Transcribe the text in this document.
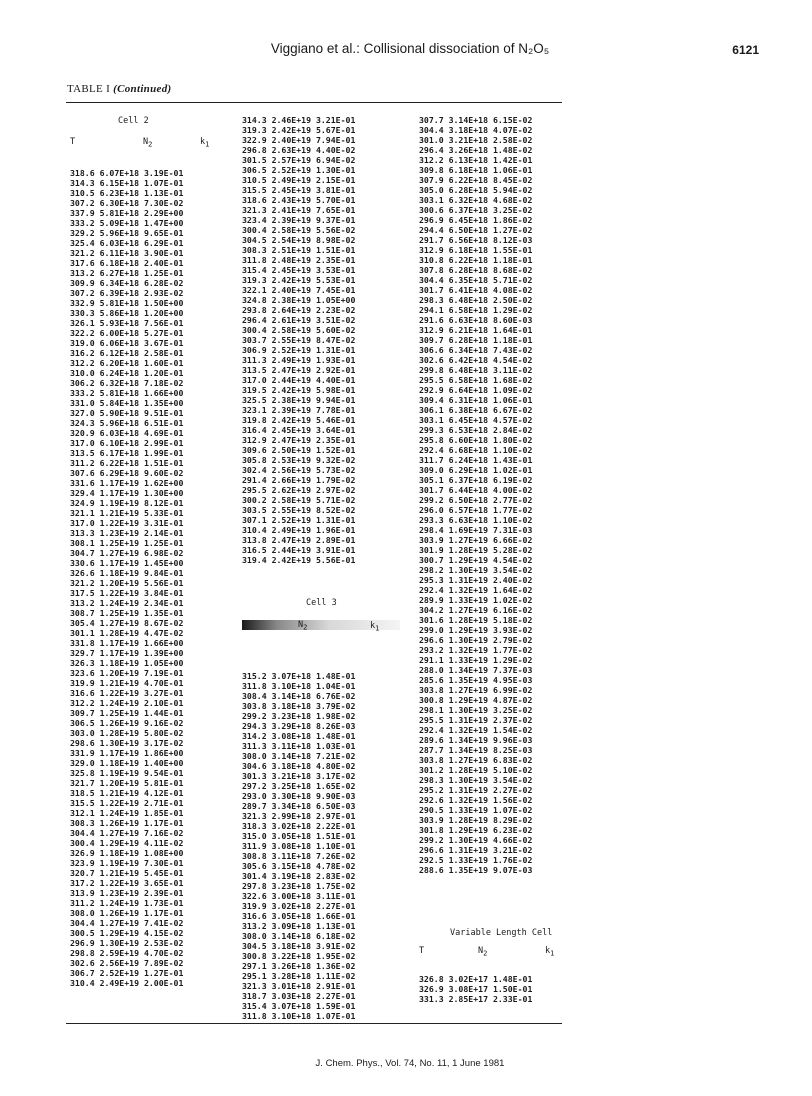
Viggiano et al.: Collisional dissociation of N₂O₅	6121
TABLE I (Continued)
Cell 2
T	$N_2$	$k_1$
318.6 6.07E+18 3.19E-01
314.3 6.15E+18 1.07E-01
310.5 6.23E+18 1.13E-01
307.2 6.30E+18 7.30E-02
337.9 5.81E+18 2.29E+00
333.2 5.09E+18 1.47E+00
329.2 5.96E+18 9.65E-01
325.4 6.03E+18 6.29E-01
321.2 6.11E+18 3.90E-01
317.6 6.18E+18 2.40E-01
313.2 6.27E+18 1.25E-01
309.9 6.34E+18 6.28E-02
307.2 6.39E+18 2.93E-02
332.9 5.81E+18 1.50E+00
330.3 5.86E+18 1.20E+00
326.1 5.93E+18 7.56E-01
322.2 6.00E+18 5.27E-01
319.0 6.06E+18 3.67E-01
316.2 6.12E+18 2.58E-01
312.2 6.20E+18 1.60E-01
310.0 6.24E+18 1.20E-01
306.2 6.32E+18 7.18E-02
333.2 5.81E+18 1.66E+00
331.0 5.84E+18 1.35E+00
327.0 5.90E+18 9.51E-01
324.3 5.96E+18 6.51E-01
320.9 6.03E+18 4.69E-01
317.0 6.10E+18 2.99E-01
313.5 6.17E+18 1.99E-01
311.2 6.22E+18 1.51E-01
307.6 6.29E+18 9.60E-02
331.6 1.17E+19 1.62E+00
329.4 1.17E+19 1.30E+00
324.9 1.19E+19 8.12E-01
321.1 1.21E+19 5.33E-01
317.0 1.22E+19 3.31E-01
313.3 1.23E+19 2.14E-01
308.1 1.25E+19 1.25E-01
304.7 1.27E+19 6.98E-02
330.6 1.17E+19 1.45E+00
326.6 1.18E+19 9.84E-01
321.2 1.20E+19 5.56E-01
317.5 1.22E+19 3.84E-01
313.2 1.24E+19 2.34E-01
308.7 1.25E+19 1.35E-01
305.4 1.27E+19 8.67E-02
301.1 1.28E+19 4.47E-02
331.8 1.17E+19 1.66E+00
329.7 1.17E+19 1.39E+00
326.3 1.18E+19 1.05E+00
323.6 1.20E+19 7.19E-01
319.9 1.21E+19 4.70E-01
316.6 1.22E+19 3.27E-01
312.2 1.24E+19 2.10E-01
309.7 1.25E+19 1.44E-01
306.5 1.26E+19 9.16E-02
303.0 1.28E+19 5.80E-02
298.6 1.30E+19 3.17E-02
331.9 1.17E+19 1.86E+00
329.0 1.18E+19 1.40E+00
325.8 1.19E+19 9.54E-01
321.7 1.20E+19 5.81E-01
318.5 1.21E+19 4.12E-01
315.5 1.22E+19 2.71E-01
312.1 1.24E+19 1.85E-01
308.3 1.26E+19 1.17E-01
304.4 1.27E+19 7.16E-02
300.4 1.29E+19 4.11E-02
326.9 1.18E+19 1.08E+00
323.9 1.19E+19 7.30E-01
320.7 1.21E+19 5.45E-01
317.2 1.22E+19 3.65E-01
313.9 1.23E+19 2.39E-01
311.2 1.24E+19 1.73E-01
308.0 1.26E+19 1.17E-01
304.4 1.27E+19 7.41E-02
300.5 1.29E+19 4.15E-02
296.9 1.30E+19 2.53E-02
298.8 2.59E+19 4.70E-02
302.6 2.56E+19 7.89E-02
306.7 2.52E+19 1.27E-01
310.4 2.49E+19 2.00E-01
314.3 2.46E+19 3.21E-01
319.3 2.42E+19 5.67E-01
322.9 2.40E+19 7.94E-01
296.8 2.63E+19 4.40E-02
301.5 2.57E+19 6.94E-02
306.5 2.52E+19 1.30E-01
310.5 2.49E+19 2.15E-01
315.5 2.45E+19 3.81E-01
318.6 2.43E+19 5.70E-01
321.3 2.41E+19 7.65E-01
323.4 2.39E+19 9.37E-01
300.4 2.58E+19 5.56E-02
304.5 2.54E+19 8.98E-02
308.3 2.51E+19 1.51E-01
311.8 2.48E+19 2.35E-01
315.4 2.45E+19 3.53E-01
319.3 2.42E+19 5.53E-01
322.1 2.40E+19 7.45E-01
324.8 2.38E+19 1.05E+00
293.8 2.64E+19 2.23E-02
296.4 2.61E+19 3.51E-02
300.4 2.58E+19 5.60E-02
303.7 2.55E+19 8.47E-02
306.9 2.52E+19 1.31E-01
311.3 2.49E+19 1.93E-01
313.5 2.47E+19 2.92E-01
317.0 2.44E+19 4.40E-01
319.5 2.42E+19 5.98E-01
325.5 2.38E+19 9.94E-01
323.1 2.39E+19 7.78E-01
319.8 2.42E+19 5.46E-01
316.4 2.45E+19 3.64E-01
312.9 2.47E+19 2.35E-01
309.6 2.50E+19 1.52E-01
305.8 2.53E+19 9.32E-02
302.4 2.56E+19 5.73E-02
291.4 2.66E+19 1.79E-02
295.5 2.62E+19 2.97E-02
300.2 2.58E+19 5.71E-02
303.5 2.55E+19 8.52E-02
307.1 2.52E+19 1.31E-01
310.4 2.49E+19 1.96E-01
313.8 2.47E+19 2.89E-01
316.5 2.44E+19 3.91E-01
319.4 2.42E+19 5.56E-01
Cell 3
$N_2$	$k_1$
315.2 3.07E+18 1.48E-01
311.8 3.10E+18 1.04E-01
308.4 3.14E+18 6.76E-02
303.8 3.18E+18 3.79E-02
299.2 3.23E+18 1.98E-02
294.3 3.29E+18 8.26E-03
314.2 3.08E+18 1.48E-01
311.3 3.11E+18 1.03E-01
308.0 3.14E+18 7.21E-02
304.6 3.18E+18 4.80E-02
301.3 3.21E+18 3.17E-02
297.2 3.25E+18 1.65E-02
293.0 3.30E+18 9.90E-03
289.7 3.34E+18 6.50E-03
321.3 2.99E+18 2.97E-01
318.3 3.02E+18 2.22E-01
315.0 3.05E+18 1.51E-01
311.9 3.08E+18 1.10E-01
308.8 3.11E+18 7.26E-02
305.6 3.15E+18 4.78E-02
301.4 3.19E+18 2.83E-02
297.8 3.23E+18 1.75E-02
322.6 3.00E+18 3.11E-01
319.9 3.02E+18 2.27E-01
316.6 3.05E+18 1.66E-01
313.2 3.09E+18 1.13E-01
308.0 3.14E+18 6.18E-02
304.5 3.18E+18 3.91E-02
300.8 3.22E+18 1.95E-02
297.1 3.26E+18 1.36E-02
295.1 3.28E+18 1.11E-02
321.3 3.01E+18 2.91E-01
318.7 3.03E+18 2.27E-01
315.4 3.07E+18 1.59E-01
311.8 3.10E+18 1.07E-01
307.7 3.14E+18 6.15E-02
304.4 3.18E+18 4.07E-02
301.0 3.21E+18 2.58E-02
296.4 3.26E+18 1.48E-02
312.2 6.13E+18 1.42E-01
309.8 6.18E+18 1.06E-01
307.9 6.22E+18 8.45E-02
305.0 6.28E+18 5.94E-02
303.1 6.32E+18 4.68E-02
300.6 6.37E+18 3.25E-02
296.9 6.45E+18 1.86E-02
294.4 6.50E+18 1.27E-02
291.7 6.56E+18 8.12E-03
312.9 6.18E+18 1.55E-01
310.8 6.22E+18 1.18E-01
307.8 6.28E+18 8.68E-02
304.4 6.35E+18 5.71E-02
301.7 6.41E+18 4.08E-02
298.3 6.48E+18 2.50E-02
294.1 6.58E+18 1.29E-02
291.6 6.63E+18 8.60E-03
312.9 6.21E+18 1.64E-01
309.7 6.28E+18 1.18E-01
306.6 6.34E+18 7.43E-02
302.6 6.42E+18 4.54E-02
299.8 6.48E+18 3.11E-02
295.5 6.58E+18 1.68E-02
292.9 6.64E+18 1.09E-02
309.4 6.31E+18 1.06E-01
306.1 6.38E+18 6.67E-02
303.1 6.45E+18 4.57E-02
299.3 6.53E+18 2.84E-02
295.8 6.60E+18 1.80E-02
292.4 6.68E+18 1.10E-02
311.7 6.24E+18 1.43E-01
309.0 6.29E+18 1.02E-01
305.1 6.37E+18 6.19E-02
301.7 6.44E+18 4.00E-02
299.2 6.50E+18 2.77E-02
296.0 6.57E+18 1.77E-02
293.3 6.63E+18 1.10E-02
298.4 1.69E+19 7.31E-03
303.9 1.27E+19 6.66E-02
301.9 1.28E+19 5.28E-02
300.7 1.29E+19 4.54E-02
298.2 1.30E+19 3.54E-02
295.3 1.31E+19 2.40E-02
292.4 1.32E+19 1.64E-02
289.9 1.33E+19 1.02E-02
304.2 1.27E+19 6.16E-02
301.6 1.28E+19 5.18E-02
299.0 1.29E+19 3.93E-02
296.6 1.30E+19 2.79E-02
293.2 1.32E+19 1.77E-02
291.1 1.33E+19 1.29E-02
288.0 1.34E+19 7.37E-03
285.6 1.35E+19 4.95E-03
303.8 1.27E+19 6.99E-02
300.8 1.29E+19 4.87E-02
298.1 1.30E+19 3.25E-02
295.5 1.31E+19 2.37E-02
292.4 1.32E+19 1.54E-02
289.6 1.34E+19 9.96E-03
287.7 1.34E+19 8.25E-03
303.8 1.27E+19 6.83E-02
301.2 1.28E+19 5.10E-02
298.3 1.30E+19 3.54E-02
295.2 1.31E+19 2.27E-02
292.6 1.32E+19 1.56E-02
290.5 1.33E+19 1.07E-02
303.9 1.28E+19 8.29E-02
301.8 1.29E+19 6.23E-02
299.2 1.30E+19 4.66E-02
296.6 1.31E+19 3.21E-02
292.5 1.33E+19 1.76E-02
288.6 1.35E+19 9.07E-03
Variable Length Cell
T	$N_2$	$k_1$
326.8 3.02E+17 1.48E-01
326.9 3.08E+17 1.50E-01
331.3 2.85E+17 2.33E-01
J. Chem. Phys., Vol. 74, No. 11, 1 June 1981
